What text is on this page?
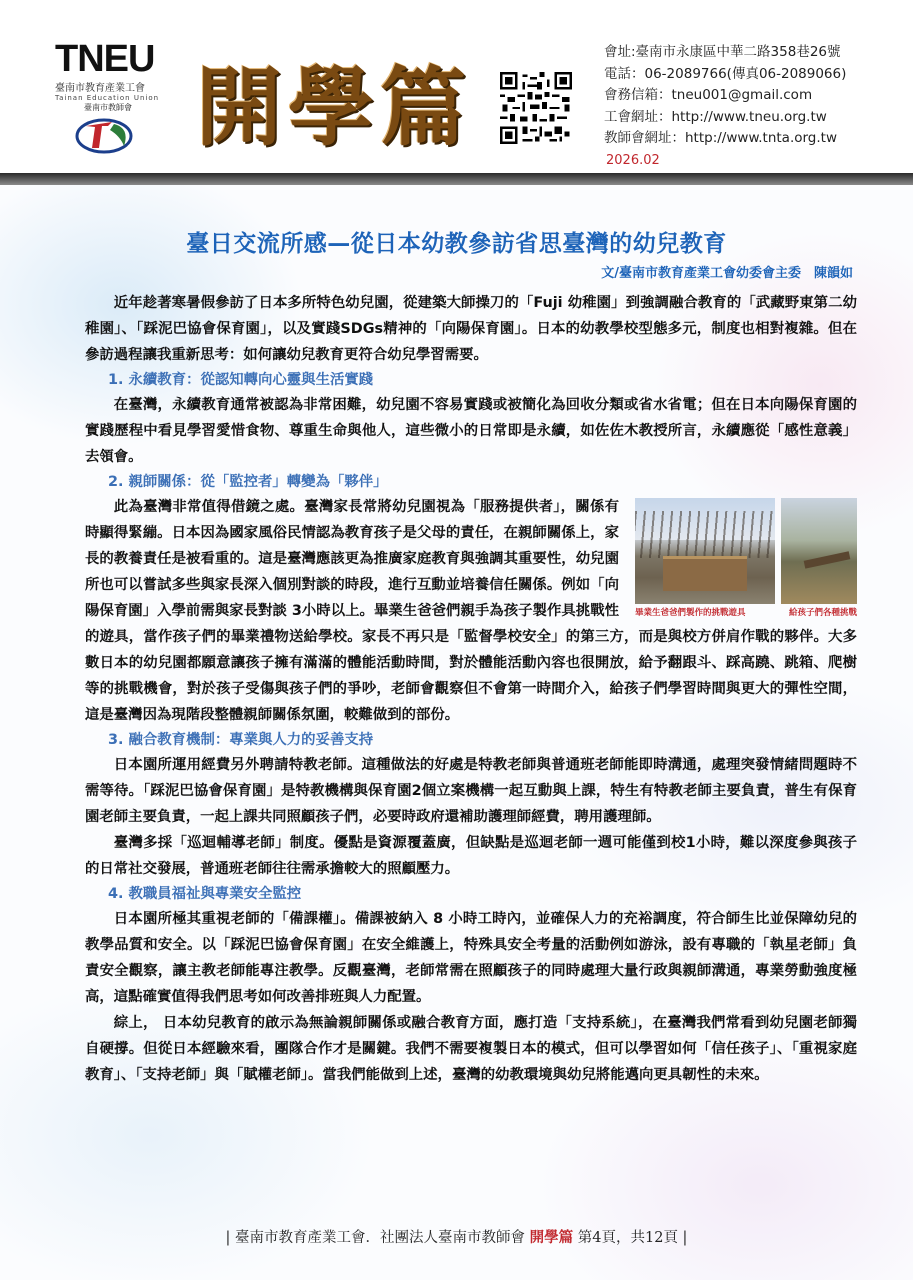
TNEU
臺南市教育產業工會
Tainan Education Union
臺南市教師會 開學篇
會址:臺南市永康區中華二路358巷26號
電話：06-2089766(傳真06-2089066)
會務信箱：tneu001@gmail.com
工會網址：http://www.tneu.org.tw
教師會網址：http://www.tnta.org.tw
2026.02
臺日交流所感—從日本幼教參訪省思臺灣的幼兒教育
文/臺南市教育產業工會幼委會主委　陳韻如

近年趁著寒暑假參訪了日本多所特色幼兒園，從建築大師操刀的「Fuji 幼稚園」到強調融合教育的「武藏野東第二幼稚園」、「踩泥巴協會保育園」，以及實踐SDGs精神的「向陽保育園」。日本的幼教學校型態多元，制度也相對複雜。但在參訪過程讓我重新思考：如何讓幼兒教育更符合幼兒學習需要。

1. 永續教育：從認知轉向心靈與生活實踐

在臺灣，永續教育通常被認為非常困難，幼兒園不容易實踐或被簡化為回收分類或省水省電；但在日本向陽保育園的實踐歷程中看見學習愛惜食物、尊重生命與他人，這些微小的日常即是永續，如佐佐木教授所言，永續應從「感性意義」去領會。

2. 親師關係：從「監控者」轉變為「夥伴」
畢業生爸爸們製作的挑戰遊具	給孩子們各種挑戰

此為臺灣非常值得借鏡之處。臺灣家長常將幼兒園視為「服務提供者」，關係有時顯得緊繃。日本因為國家風俗民情認為教育孩子是父母的責任，在親師關係上，家長的教養責任是被看重的。這是臺灣應該更為推廣家庭教育與強調其重要性，幼兒園所也可以嘗試多些與家長深入個別對談的時段，進行互動並培養信任關係。例如「向陽保育園」入學前需與家長對談 3小時以上。畢業生爸爸們親手為孩子製作具挑戰性的遊具，當作孩子們的畢業禮物送給學校。家長不再只是「監督學校安全」的第三方，而是與校方併肩作戰的夥伴。大多數日本的幼兒園都願意讓孩子擁有滿滿的體能活動時間，對於體能活動內容也很開放，給予翻跟斗、踩高蹺、跳箱、爬樹等的挑戰機會，對於孩子受傷與孩子們的爭吵，老師會觀察但不會第一時間介入，給孩子們學習時間與更大的彈性空間，這是臺灣因為現階段整體親師關係氛圍，較難做到的部份。

3. 融合教育機制：專業與人力的妥善支持

日本園所運用經費另外聘請特教老師。這種做法的好處是特教老師與普通班老師能即時溝通，處理突發情緒問題時不需等待。「踩泥巴協會保育園」是特教機構與保育園2個立案機構一起互動與上課，特生有特教老師主要負責，普生有保育園老師主要負責，一起上課共同照顧孩子們，必要時政府還補助護理師經費，聘用護理師。

臺灣多採「巡迴輔導老師」制度。優點是資源覆蓋廣，但缺點是巡迴老師一週可能僅到校1小時，難以深度參與孩子的日常社交發展，普通班老師往往需承擔較大的照顧壓力。

4. 教職員福祉與專業安全監控

日本園所極其重視老師的「備課權」。備課被納入 8 小時工時內，並確保人力的充裕調度，符合師生比並保障幼兒的教學品質和安全。以「踩泥巴協會保育園」在安全維護上，特殊具安全考量的活動例如游泳，設有專職的「執星老師」負責安全觀察，讓主教老師能專注教學。反觀臺灣，老師常需在照顧孩子的同時處理大量行政與親師溝通，專業勞動強度極高，這點確實值得我們思考如何改善排班與人力配置。

綜上， 日本幼兒教育的啟示為無論親師關係或融合教育方面，應打造「支持系統」，在臺灣我們常看到幼兒園老師獨自硬撐。但從日本經驗來看，團隊合作才是關鍵。我們不需要複製日本的模式，但可以學習如何「信任孩子」、「重視家庭教育」、「支持老師」與「賦權老師」。當我們能做到上述，臺灣的幼教環境與幼兒將能邁向更具韌性的未來。

| 臺南市教育產業工會．社團法人臺南市教師會 開學篇 第4頁，共12頁 |
